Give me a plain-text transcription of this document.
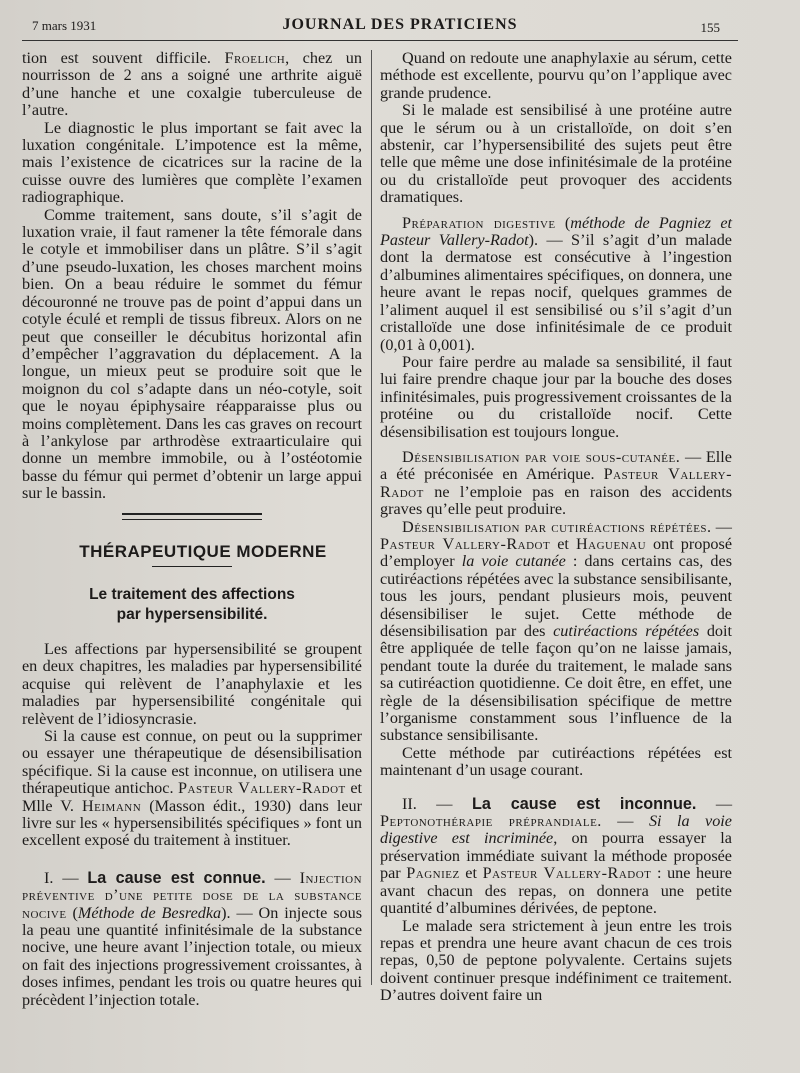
7 mars 1931	JOURNAL DES PRATICIENS	155

tion est souvent difficile. Froelich, chez un nourrisson de 2 ans a soigné une arthrite aiguë d’une hanche et une coxalgie tuberculeuse de l’autre.

Le diagnostic le plus important se fait avec la luxation congénitale. L’impotence est la même, mais l’existence de cicatrices sur la racine de la cuisse ouvre des lumières que complète l’examen radiographique.

Comme traitement, sans doute, s’il s’agit de luxation vraie, il faut ramener la tête fémorale dans le cotyle et immobiliser dans un plâtre. S’il s’agit d’une pseudo-luxation, les choses marchent moins bien. On a beau réduire le sommet du fémur découronné ne trouve pas de point d’appui dans un cotyle éculé et rempli de tissus fibreux. Alors on ne peut que conseiller le décubitus horizontal afin d’empêcher l’aggravation du déplacement. A la longue, un mieux peut se produire soit que le moignon du col s’adapte dans un néo-cotyle, soit que le noyau épiphysaire réapparaisse plus ou moins complètement. Dans les cas graves on recourt à l’ankylose par arthrodèse extraarticulaire qui donne un membre immobile, ou à l’ostéotomie basse du fémur qui permet d’obtenir un large appui sur le bassin.

THÉRAPEUTIQUE MODERNE

Le traitement des affections
par hypersensibilité.

Les affections par hypersensibilité se groupent en deux chapitres, les maladies par hypersensibilité acquise qui relèvent de l’anaphylaxie et les maladies par hypersensibilité congénitale qui relèvent de l’idiosyncrasie.

Si la cause est connue, on peut ou la supprimer ou essayer une thérapeutique de désensibilisation spécifique. Si la cause est inconnue, on utilisera une thérapeutique antichoc. Pasteur Vallery-Radot et Mlle V. Heimann (Masson édit., 1930) dans leur livre sur les « hypersensibilités spécifiques » font un excellent exposé du traitement à instituer.

I. — La cause est connue. — Injection préventive d’une petite dose de la substance nocive (Méthode de Besredka). — On injecte sous la peau une quantité infinitésimale de la substance nocive, une heure avant l’injection totale, ou mieux on fait des injections progressivement croissantes, à doses infimes, pendant les trois ou quatre heures qui précèdent l’injection totale.

Quand on redoute une anaphylaxie au sérum, cette méthode est excellente, pourvu qu’on l’applique avec grande prudence.

Si le malade est sensibilisé à une protéine autre que le sérum ou à un cristalloïde, on doit s’en abstenir, car l’hypersensibilité des sujets peut être telle que même une dose infinitésimale de la protéine ou du cristalloïde peut provoquer des accidents dramatiques.

Préparation digestive (méthode de Pagniez et Pasteur Vallery-Radot). — S’il s’agit d’un malade dont la dermatose est consécutive à l’ingestion d’albumines alimentaires spécifiques, on donnera, une heure avant le repas nocif, quelques grammes de l’aliment auquel il est sensibilisé ou s’il s’agit d’un cristalloïde une dose infinitésimale de ce produit (0,01 à 0,001).

Pour faire perdre au malade sa sensibilité, il faut lui faire prendre chaque jour par la bouche des doses infinitésimales, puis progressivement croissantes de la protéine ou du cristalloïde nocif. Cette désensibilisation est toujours longue.

Désensibilisation par voie sous-cutanée. — Elle a été préconisée en Amérique. Pasteur Vallery-Radot ne l’emploie pas en raison des accidents graves qu’elle peut produire.

Désensibilisation par cutiréactions répétées. — Pasteur Vallery-Radot et Haguenau ont proposé d’employer la voie cutanée : dans certains cas, des cutiréactions répétées avec la substance sensibilisante, tous les jours, pendant plusieurs mois, peuvent désensibiliser le sujet. Cette méthode de désensibilisation par des cutiréactions répétées doit être appliquée de telle façon qu’on ne laisse jamais, pendant toute la durée du traitement, le malade sans sa cutiréaction quotidienne. Ce doit être, en effet, une règle de la désensibilisation spécifique de mettre l’organisme constamment sous l’influence de la substance sensibilisante.

Cette méthode par cutiréactions répétées est maintenant d’un usage courant.

II. — La cause est inconnue. — Peptonothérapie préprandiale. — Si la voie digestive est incriminée, on pourra essayer la préservation immédiate suivant la méthode proposée par Pagniez et Pasteur Vallery-Radot : une heure avant chacun des repas, on donnera une petite quantité d’albumines dérivées, de peptone.

Le malade sera strictement à jeun entre les trois repas et prendra une heure avant chacun de ces trois repas, 0,50 de peptone polyvalente. Certains sujets doivent continuer presque indéfiniment ce traitement. D’autres doivent faire un
